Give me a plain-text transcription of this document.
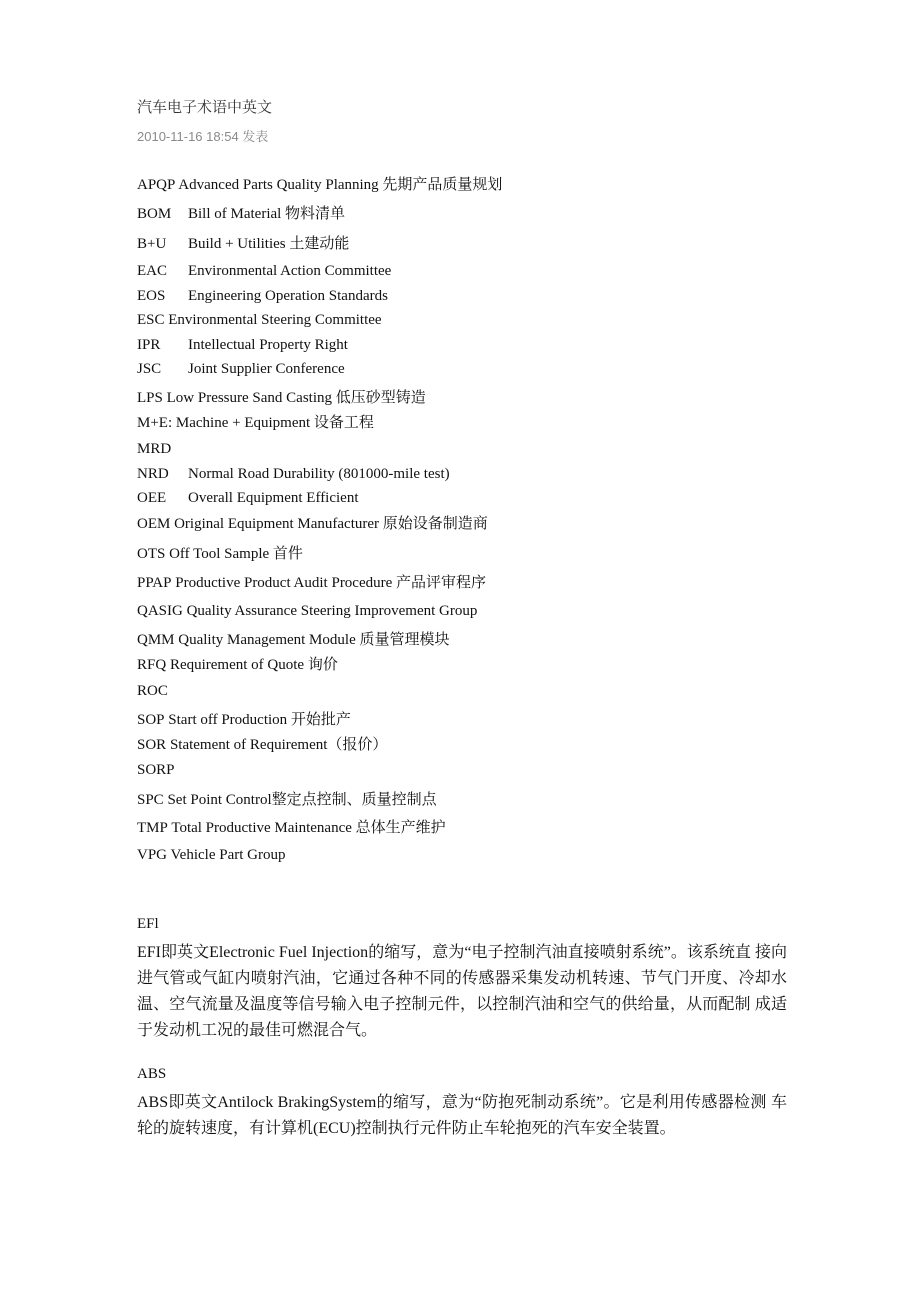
汽车电子术语中英文
2010-11-16 18:54 发表
APQP Advanced Parts Quality Planning 先期产品质量规划
BOM Bill of Material 物料清单
B+U Build + Utilities 土建动能
EAC Environmental Action Committee
EOS Engineering Operation Standards
ESC Environmental Steering Committee
IPR Intellectual Property Right
JSC Joint Supplier Conference
LPS Low Pressure Sand Casting 低压砂型铸造
M+E: Machine + Equipment 设备工程
MRD
NRD Normal Road Durability (801000-mile test)
OEE Overall Equipment Efficient
OEM Original Equipment Manufacturer 原始设备制造商
OTS Off Tool Sample 首件
PPAP Productive Product Audit Procedure 产品评审程序
QASIG Quality Assurance Steering Improvement Group
QMM Quality Management Module 质量管理模块
RFQ Requirement of Quote 询价
ROC
SOP Start off Production 开始批产
SOR Statement of Requirement（报价）
SORP
SPC Set Point Control整定点控制、质量控制点
TMP Total Productive Maintenance 总体生产维护
VPG Vehicle Part Group
EFl
EFI即英文Electronic Fuel Injection的缩写，意为“电子控制汽油直接喷射系统”。该系统直 接向进气管或气缸内喷射汽油，它通过各种不同的传感器采集发动机转速、节气门开度、冷却水温、空气流量及温度等信号输入电子控制元件，以控制汽油和空气的供给量，从而配制 成适于发动机工况的最佳可燃混合气。
ABS
ABS即英文Antilock BrakingSystem的缩写，意为“防抱死制动系统”。它是利用传感器检测 车轮的旋转速度，有计算机(ECU)控制执行元件防止车轮抱死的汽车安全装置。
